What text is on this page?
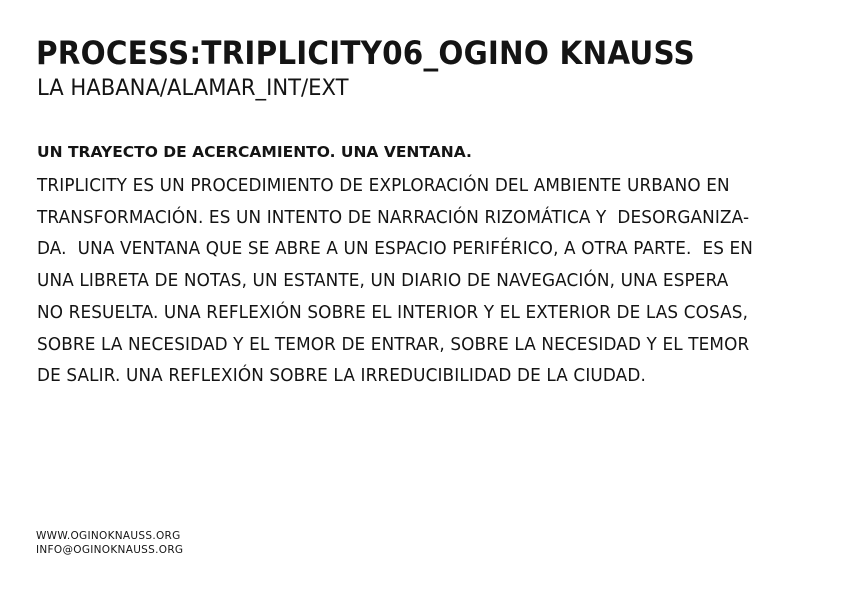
PROCESS:TRIPLICITY06_OGINO KNAUSS
LA HABANA/ALAMAR_INT/EXT
UN TRAYECTO DE ACERCAMIENTO. UNA VENTANA.
TRIPLICITY ES UN PROCEDIMIENTO DE EXPLORACIÓN DEL AMBIENTE URBANO EN
TRANSFORMACIÓN. ES UN INTENTO DE NARRACIÓN RIZOMÁTICA Y  DESORGANIZA-
DA.  UNA VENTANA QUE SE ABRE A UN ESPACIO PERIFÉRICO, A OTRA PARTE.  ES EN
UNA LIBRETA DE NOTAS, UN ESTANTE, UN DIARIO DE NAVEGACIÓN, UNA ESPERA
NO RESUELTA. UNA REFLEXIÓN SOBRE EL INTERIOR Y EL EXTERIOR DE LAS COSAS,
SOBRE LA NECESIDAD Y EL TEMOR DE ENTRAR, SOBRE LA NECESIDAD Y EL TEMOR
DE SALIR. UNA REFLEXIÓN SOBRE LA IRREDUCIBILIDAD DE LA CIUDAD.
WWW.OGINOKNAUSS.ORG
INFO@OGINOKNAUSS.ORG
